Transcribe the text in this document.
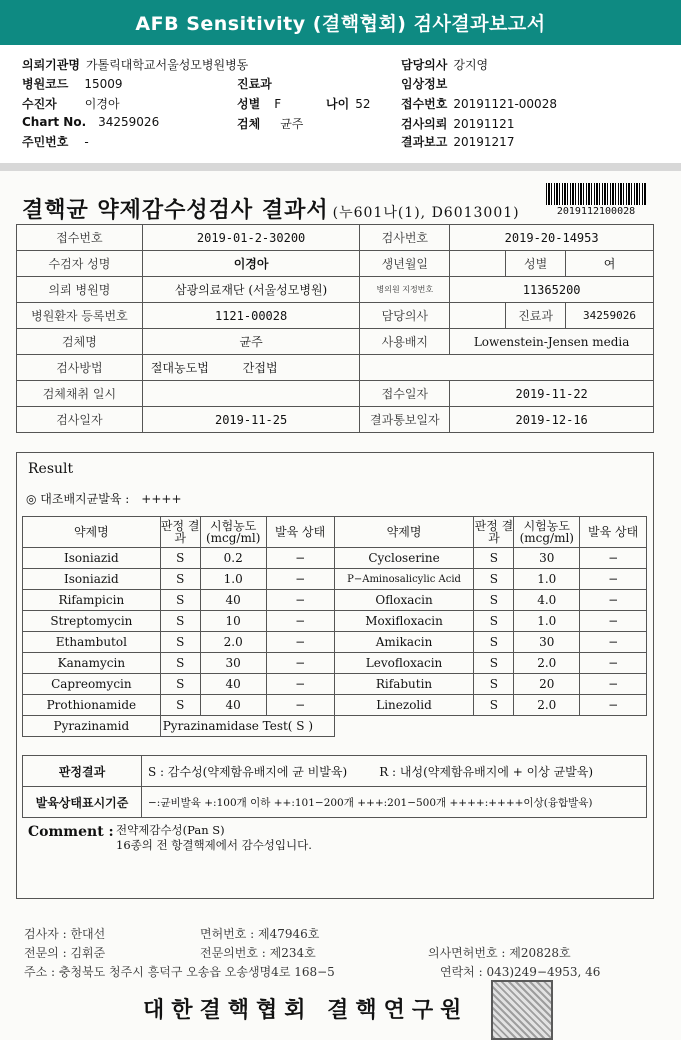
AFB Sensitivity (결핵협회) 검사결과보고서
의뢰기관명 가톨릭대학교서울성모병원병동
병원코드 15009
수진자 이경아
Chart No. 34259026
주민번호 -
진료과
성별 F	나이 52
검체 균주
담당의사 강지영
임상정보
접수번호 20191121-00028
검사의뢰 20191121
결과보고 20191217
결핵균 약제감수성검사 결과서 (누601나(1), D6013001)	2019112100028
접수번호	2019-01-2-30200	검사번호	2019-20-14953		
수검자 성명	이경아	생년월일		성별	여
의뢰 병원명	삼광의료재단 (서울성모병원)	병의원 지정번호	11365200		
병원환자 등록번호	1121-00028	담당의사		진료과	34259026
검체명	균주	사용배지	Lowenstein-Jensen media		
검사방법	절대농도법 간접법				
검체채취 일시		접수일자	2019-11-22		
검사일자	2019-11-25	결과통보일자	2019-12-16		
Result
◎ 대조배지균발육 : ++++
약제명	판정 결과	시험농도 (mcg/ml)	발육 상태	약제명	판정 결과	시험농도 (mcg/ml)	발육 상태
Isoniazid	S	0.2	−	Cycloserine	S	30	−
Isoniazid	S	1.0	−	P−Aminosalicylic Acid	S	1.0	−
Rifampicin	S	40	−	Ofloxacin	S	4.0	−
Streptomycin	S	10	−	Moxifloxacin	S	1.0	−
Ethambutol	S	2.0	−	Amikacin	S	30	−
Kanamycin	S	30	−	Levofloxacin	S	2.0	−
Capreomycin	S	40	−	Rifabutin	S	20	−
Prothionamide	S	40	−	Linezolid	S	2.0	−
Pyrazinamid	Pyrazinamidase Test( S )						
판정결과	S : 감수성(약제함유배지에 균 비발육) R : 내성(약제함유배지에 + 이상 균발육)
발육상태표시기준	−:균비발육 +:100개 이하 ++:101−200개 +++:201−500개 ++++:++++이상(융합발육)
Comment : 전약제감수성(Pan S)
16종의 전 항결핵제에서 감수성입니다.
검사자 : 한대선	면허번호 : 제47946호
전문의 : 김휘준	전문의번호 : 제234호	의사면허번호 : 제20828호
주소 : 충청북도 청주시 흥덕구 오송읍 오송생명4로 168−5	연락처 : 043)249−4953, 46
대한결핵협회 결핵연구원
